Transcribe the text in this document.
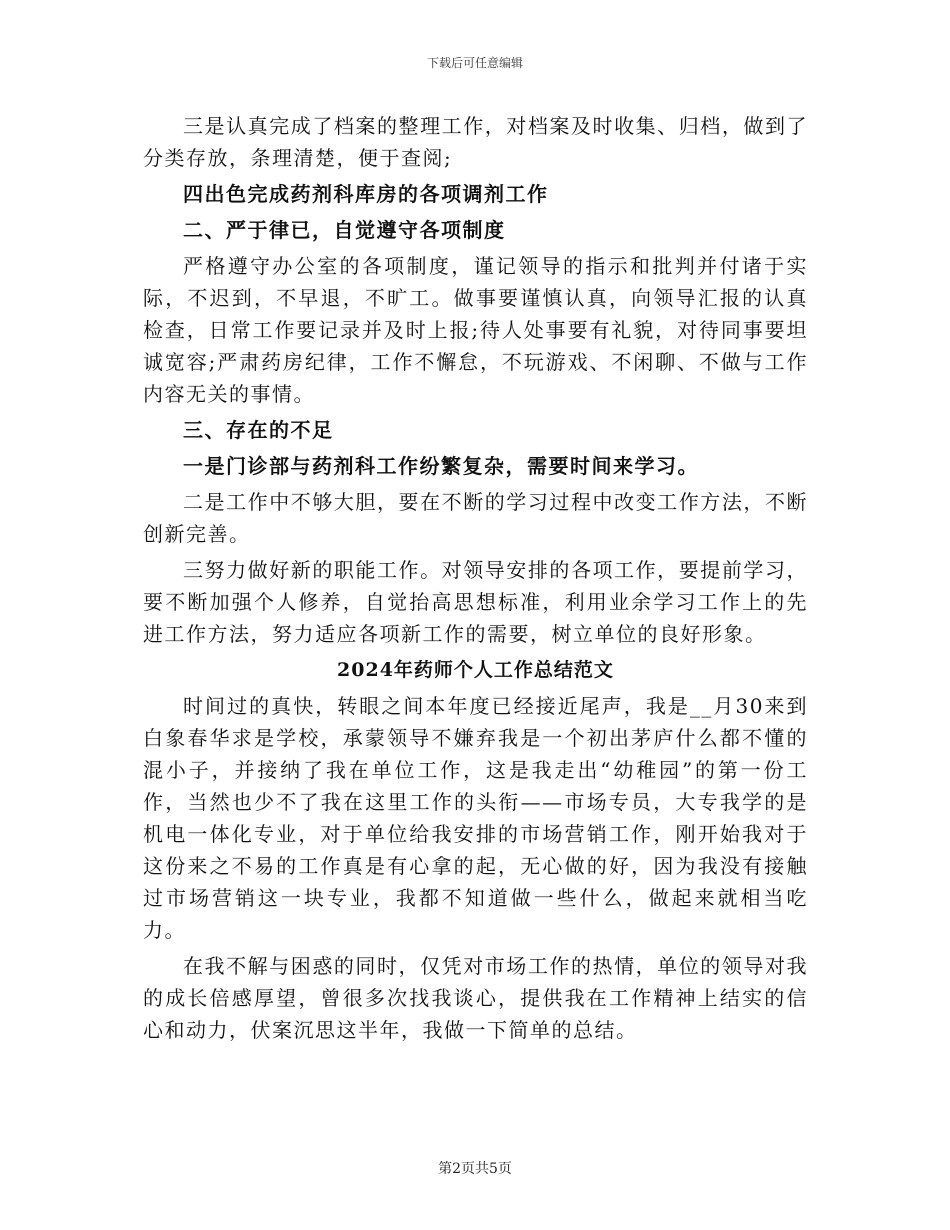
下载后可任意编辑

三是认真完成了档案的整理工作，对档案及时收集、归档，做到了分类存放，条理清楚，便于查阅;

四出色完成药剂科库房的各项调剂工作

二、严于律已，自觉遵守各项制度

严格遵守办公室的各项制度，谨记领导的指示和批判并付诸于实际，不迟到，不早退，不旷工。做事要谨慎认真，向领导汇报的认真检查，日常工作要记录并及时上报;待人处事要有礼貌，对待同事要坦诚宽容;严肃药房纪律，工作不懈怠，不玩游戏、不闲聊、不做与工作内容无关的事情。

三、存在的不足

一是门诊部与药剂科工作纷繁复杂，需要时间来学习。

二是工作中不够大胆，要在不断的学习过程中改变工作方法，不断创新完善。

三努力做好新的职能工作。对领导安排的各项工作，要提前学习，要不断加强个人修养，自觉抬高思想标准，利用业余学习工作上的先进工作方法，努力适应各项新工作的需要，树立单位的良好形象。

2024年药师个人工作总结范文

时间过的真快，转眼之间本年度已经接近尾声，我是__月30来到白象春华求是学校，承蒙领导不嫌弃我是一个初出茅庐什么都不懂的混小子，并接纳了我在单位工作，这是我走出“幼稚园”的第一份工作，当然也少不了我在这里工作的头衔——市场专员，大专我学的是机电一体化专业，对于单位给我安排的市场营销工作，刚开始我对于这份来之不易的工作真是有心拿的起，无心做的好，因为我没有接触过市场营销这一块专业，我都不知道做一些什么，做起来就相当吃力。

在我不解与困惑的同时，仅凭对市场工作的热情，单位的领导对我的成长倍感厚望，曾很多次找我谈心，提供我在工作精神上结实的信心和动力，伏案沉思这半年，我做一下简单的总结。

第2页共5页
